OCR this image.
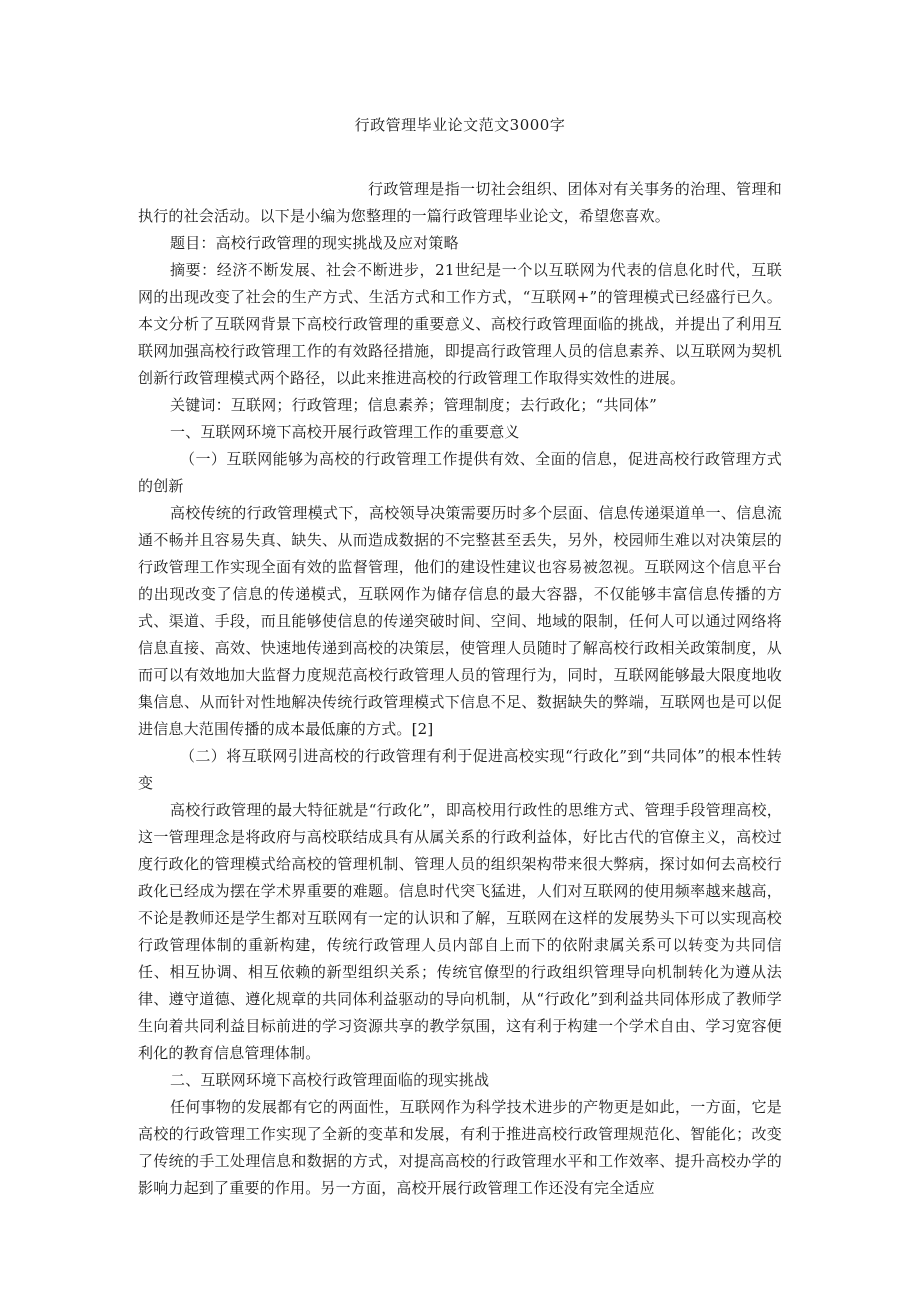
行政管理毕业论文范文3000字

行政管理是指一切社会组织、团体对有关事务的治理、管理和执行的社会活动。以下是小编为您整理的一篇行政管理毕业论文，希望您喜欢。

题目：高校行政管理的现实挑战及应对策略

摘要：经济不断发展、社会不断进步，21世纪是一个以互联网为代表的信息化时代，互联网的出现改变了社会的生产方式、生活方式和工作方式，“互联网+”的管理模式已经盛行已久。本文分析了互联网背景下高校行政管理的重要意义、高校行政管理面临的挑战，并提出了利用互联网加强高校行政管理工作的有效路径措施，即提高行政管理人员的信息素养、以互联网为契机创新行政管理模式两个路径，以此来推进高校的行政管理工作取得实效性的进展。

关键词：互联网；行政管理；信息素养；管理制度；去行政化；“共同体”

一、互联网环境下高校开展行政管理工作的重要意义

（一）互联网能够为高校的行政管理工作提供有效、全面的信息，促进高校行政管理方式的创新

高校传统的行政管理模式下，高校领导决策需要历时多个层面、信息传递渠道单一、信息流通不畅并且容易失真、缺失、从而造成数据的不完整甚至丢失，另外，校园师生难以对决策层的行政管理工作实现全面有效的监督管理，他们的建设性建议也容易被忽视。互联网这个信息平台的出现改变了信息的传递模式，互联网作为储存信息的最大容器，不仅能够丰富信息传播的方式、渠道、手段，而且能够使信息的传递突破时间、空间、地域的限制，任何人可以通过网络将信息直接、高效、快速地传递到高校的决策层，使管理人员随时了解高校行政相关政策制度，从而可以有效地加大监督力度规范高校行政管理人员的管理行为，同时，互联网能够最大限度地收集信息、从而针对性地解决传统行政管理模式下信息不足、数据缺失的弊端，互联网也是可以促进信息大范围传播的成本最低廉的方式。[2]

（二）将互联网引进高校的行政管理有利于促进高校实现“行政化”到“共同体”的根本性转变

高校行政管理的最大特征就是“行政化”，即高校用行政性的思维方式、管理手段管理高校，这一管理理念是将政府与高校联结成具有从属关系的行政利益体，好比古代的官僚主义，高校过度行政化的管理模式给高校的管理机制、管理人员的组织架构带来很大弊病，探讨如何去高校行政化已经成为摆在学术界重要的难题。信息时代突飞猛进，人们对互联网的使用频率越来越高，不论是教师还是学生都对互联网有一定的认识和了解，互联网在这样的发展势头下可以实现高校行政管理体制的重新构建，传统行政管理人员内部自上而下的依附隶属关系可以转变为共同信任、相互协调、相互依赖的新型组织关系；传统官僚型的行政组织管理导向机制转化为遵从法律、遵守道德、遵化规章的共同体利益驱动的导向机制，从“行政化”到利益共同体形成了教师学生向着共同利益目标前进的学习资源共享的教学氛围，这有利于构建一个学术自由、学习宽容便利化的教育信息管理体制。

二、互联网环境下高校行政管理面临的现实挑战

任何事物的发展都有它的两面性，互联网作为科学技术进步的产物更是如此，一方面，它是高校的行政管理工作实现了全新的变革和发展，有利于推进高校行政管理规范化、智能化；改变了传统的手工处理信息和数据的方式，对提高高校的行政管理水平和工作效率、提升高校办学的影响力起到了重要的作用。另一方面，高校开展行政管理工作还没有完全适应
